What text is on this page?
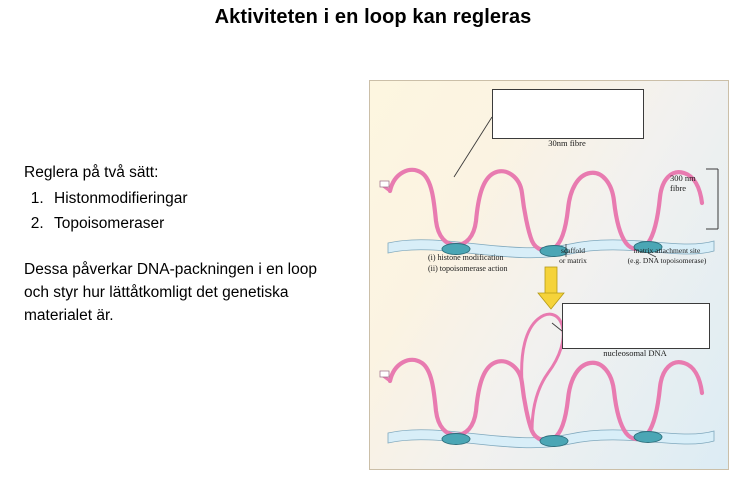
Aktiviteten i en loop kan regleras

Reglera på två sätt:

1. Histonmodifieringar
2. Topoisomeraser

Dessa påverkar DNA-packningen i en loop och styr hur lättåtkomligt det genetiska materialet är.

30nm fibre
300 nm
fibre
(i) histone modification
(ii) topoisomerase action
scaffold
or matrix
matrix attachment site
(e.g. DNA topoisomerase)
nucleosomal DNA
